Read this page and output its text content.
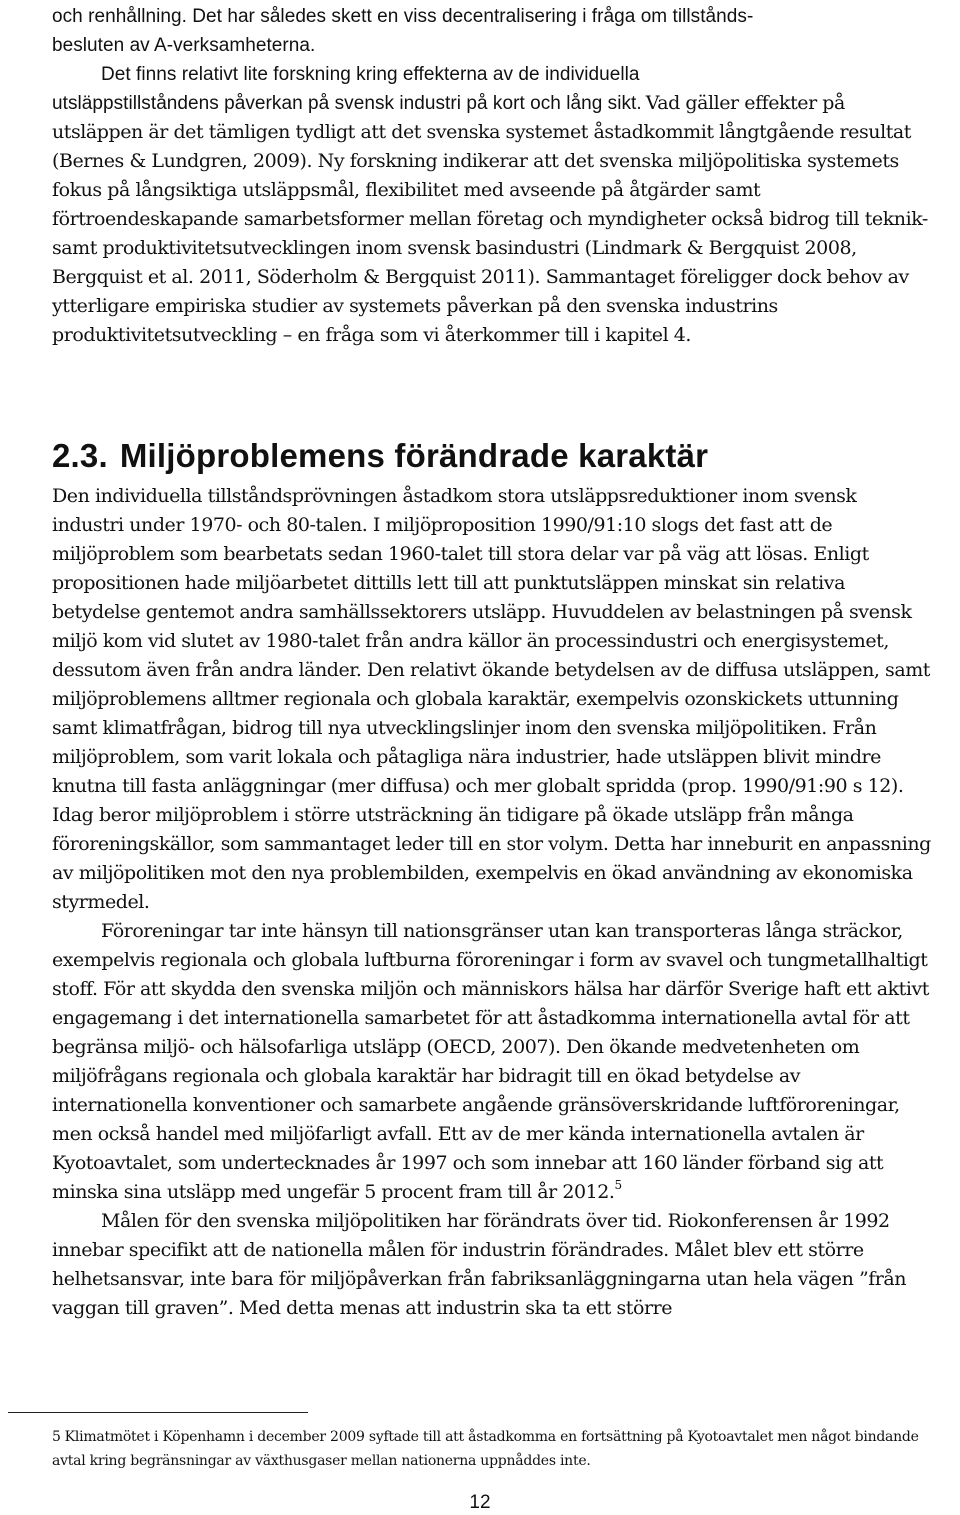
och renhållning. Det har således skett en viss decentralisering i fråga om tillstånds-

besluten av A-verksamheterna.

Det finns relativt lite forskning kring effekterna av de individuella

utsläppstillståndens påverkan på svensk industri på kort och lång sikt. Vad gäller effekter på utsläppen är det tämligen tydligt att det svenska systemet åstadkommit långtgående resultat (Bernes & Lundgren, 2009). Ny forskning indikerar att det svenska miljöpolitiska systemets fokus på långsiktiga utsläppsmål, flexibilitet med avseende på åtgärder samt förtroendeskapande samarbetsformer mellan företag och myndigheter också bidrog till teknik- samt produktivitetsutvecklingen inom svensk basindustri (Lindmark & Bergquist 2008, Bergquist et al. 2011, Söderholm & Bergquist 2011). Sammantaget föreligger dock behov av ytterligare empiriska studier av systemets påverkan på den svenska industrins produktivitetsutveckling – en fråga som vi återkommer till i kapitel 4.
2.3. Miljöproblemens förändrade karaktär

Den individuella tillståndsprövningen åstadkom stora utsläppsreduktioner inom svensk industri under 1970- och 80-talen. I miljöproposition 1990/91:10 slogs det fast att de miljöproblem som bearbetats sedan 1960-talet till stora delar var på väg att lösas. Enligt propositionen hade miljöarbetet dittills lett till att punktutsläppen minskat sin relativa betydelse gentemot andra samhällssektorers utsläpp. Huvuddelen av belastningen på svensk miljö kom vid slutet av 1980-talet från andra källor än processindustri och energisystemet, dessutom även från andra länder. Den relativt ökande betydelsen av de diffusa utsläppen, samt miljöproblemens alltmer regionala och globala karaktär, exempelvis ozonskickets uttunning samt klimatfrågan, bidrog till nya utvecklingslinjer inom den svenska miljöpolitiken. Från miljöproblem, som varit lokala och påtagliga nära industrier, hade utsläppen blivit mindre knutna till fasta anläggningar (mer diffusa) och mer globalt spridda (prop. 1990/91:90 s 12). Idag beror miljöproblem i större utsträckning än tidigare på ökade utsläpp från många föroreningskällor, som sammantaget leder till en stor volym. Detta har inneburit en anpassning av miljöpolitiken mot den nya problembilden, exempelvis en ökad användning av ekonomiska styrmedel.

Föroreningar tar inte hänsyn till nationsgränser utan kan transporteras långa sträckor, exempelvis regionala och globala luftburna föroreningar i form av svavel och tungmetallhaltigt stoff. För att skydda den svenska miljön och människors hälsa har därför Sverige haft ett aktivt engagemang i det internationella samarbetet för att åstadkomma internationella avtal för att begränsa miljö- och hälsofarliga utsläpp (OECD, 2007). Den ökande medvetenheten om miljöfrågans regionala och globala karaktär har bidragit till en ökad betydelse av internationella konventioner och samarbete angående gränsöverskridande luftföroreningar, men också handel med miljöfarligt avfall. Ett av de mer kända internationella avtalen är Kyotoavtalet, som undertecknades år 1997 och som innebar att 160 länder förband sig att minska sina utsläpp med ungefär 5 procent fram till år 2012.$^5$

Målen för den svenska miljöpolitiken har förändrats över tid. Riokonferensen år 1992 innebar specifikt att de nationella målen för industrin förändrades. Målet blev ett större helhetsansvar, inte bara för miljöpåverkan från fabriksanläggningarna utan hela vägen ”från vaggan till graven”. Med detta menas att industrin ska ta ett större

5 Klimatmötet i Köpenhamn i december 2009 syftade till att åstadkomma en fortsättning på Kyotoavtalet men något bindande avtal kring begränsningar av växthusgaser mellan nationerna uppnåddes inte.

12
